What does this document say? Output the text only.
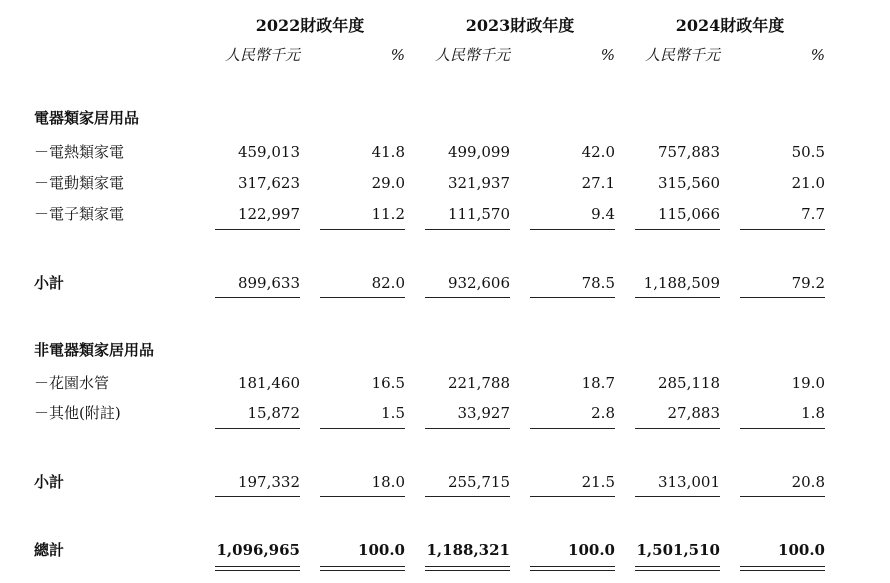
2022財政年度	2023財政年度	2024財政年度
人民幣千元	%	人民幣千元	%	人民幣千元	%
電器類家居用品
－電熱類家電	459,013	41.8	499,099	42.0	757,883	50.5
－電動類家電	317,623	29.0	321,937	27.1	315,560	21.0
－電子類家電	122,997	11.2	111,570	9.4	115,066	7.7
小計	899,633	82.0	932,606	78.5	1,188,509	79.2
非電器類家居用品
－花園水管	181,460	16.5	221,788	18.7	285,118	19.0
－其他(附註)	15,872	1.5	33,927	2.8	27,883	1.8
小計	197,332	18.0	255,715	21.5	313,001	20.8
總計	1,096,965	100.0	1,188,321	100.0	1,501,510	100.0
